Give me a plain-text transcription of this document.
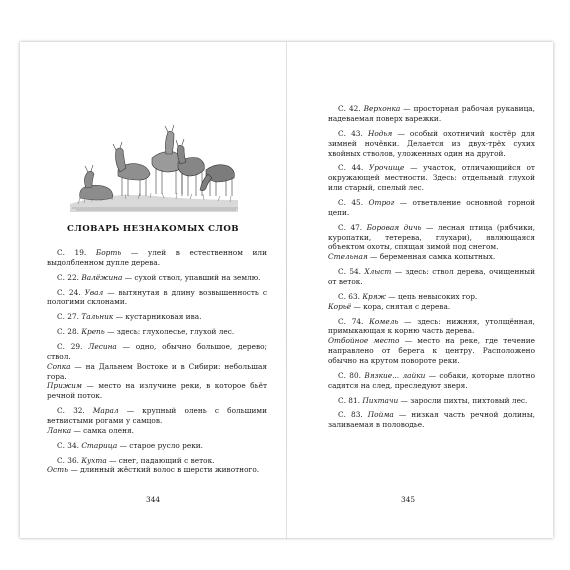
СЛОВАРЬ НЕЗНАКОМЫХ СЛОВ

С. 19. Борть — улей в естественном или выдолбленном дупле дерева.

С. 22. Валёжина — сухой ствол, упавший на землю.

С. 24. Увал — вытянутая в длину возвышенность с пологими склонами.

С. 27. Тальник — кустарниковая ива.

С. 28. Крепь — здесь: глухолесье, глухой лес.

С. 29. Лесина — одно, обычно большое, дерево; ствол.
Сопка — на Дальнем Востоке и в Сибири: небольшая гора.
Прижим — место на излучине реки, в которое бьёт речной поток.

С. 32. Марал — крупный олень с большими ветвистыми рогами у самцов.
Ланка — самка оленя.

С. 34. Старица — старое русло реки.

С. 36. Кухта — снег, падающий с веток.
Ость — длинный жёсткий волос в шерсти животного.

344

С. 42. Верхонка — просторная рабочая рукавица, надеваемая поверх варежки.

С. 43. Нодья — особый охотничий костёр для зимней ночёвки. Делается из двух-трёх сухих хвойных стволов, уложенных один на другой.

С. 44. Урочище — участок, отличающийся от окружающей местности. Здесь: отдельный глухой или старый, спелый лес.

С. 45. Отрог — ответвление основной горной цепи.

С. 47. Боровая дичь — лесная птица (рябчики, куропатки, тетерева, глухари), являющаяся объектом охоты, спящая зимой под снегом.
Стельная — беременная самка копытных.

С. 54. Хлыст — здесь: ствол дерева, очищенный от веток.

С. 63. Кряж — цепь невысоких гор.
Корьё — кора, снятая с дерева.

С. 74. Комель — здесь: нижняя, утолщённая, примыкающая к корню часть дерева.
Отбойное место — место на реке, где течение направлено от берега к центру. Расположено обычно на крутом повороте реки.

С. 80. Вязкие... лайки — собаки, которые плотно садятся на след, преследуют зверя.

С. 81. Пихтачи — заросли пихты, пихтовый лес.

С. 83. Пойма — низкая часть речной долины, заливаемая в половодье.

345
